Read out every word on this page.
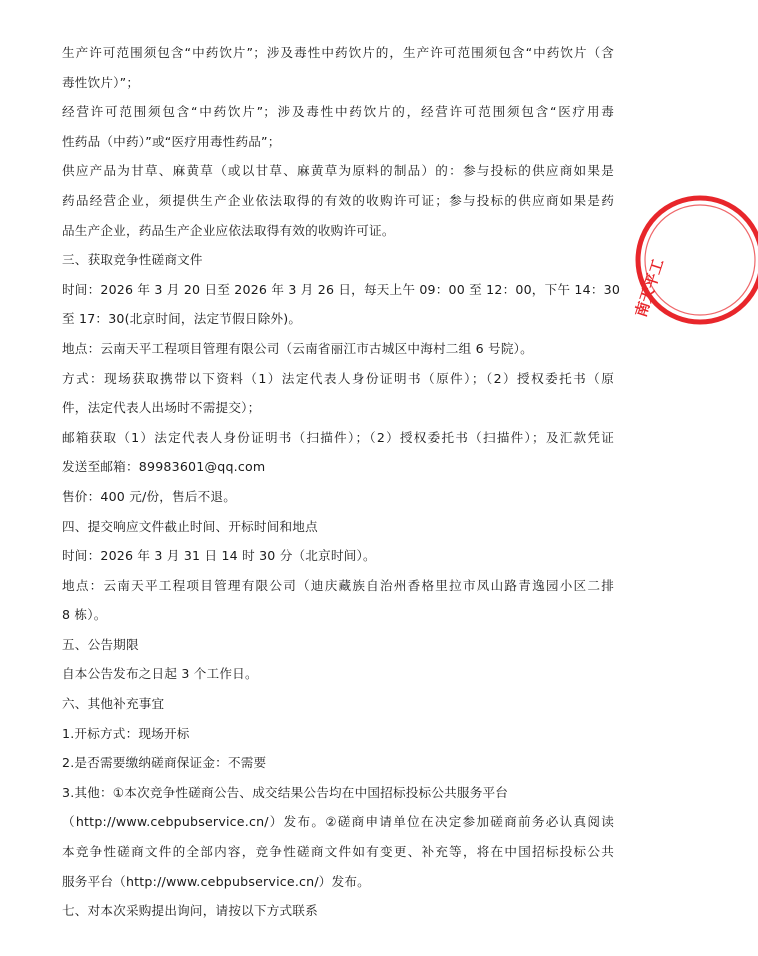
生产许可范围须包含“中药饮片”；涉及毒性中药饮片的，生产许可范围须包含“中药饮片（含

毒性饮片）”；

经营许可范围须包含“中药饮片”；涉及毒性中药饮片的，经营许可范围须包含“医疗用毒

性药品（中药）”或“医疗用毒性药品”；

供应产品为甘草、麻黄草（或以甘草、麻黄草为原料的制品）的：参与投标的供应商如果是

药品经营企业，须提供生产企业依法取得的有效的收购许可证；参与投标的供应商如果是药

品生产企业，药品生产企业应依法取得有效的收购许可证。

三、获取竞争性磋商文件

时间：2026 年 3 月 20 日至 2026 年 3 月 26 日，每天上午 09：00 至 12：00，下午 14：30

至 17：30(北京时间，法定节假日除外)。

地点：云南天平工程项目管理有限公司（云南省丽江市古城区中海村二组 6 号院）。

方式：现场获取携带以下资料（1）法定代表人身份证明书（原件）；（2）授权委托书（原

件，法定代表人出场时不需提交）；

邮箱获取（1）法定代表人身份证明书（扫描件）；（2）授权委托书（扫描件）；及汇款凭证

发送至邮箱：89983601@qq.com

售价：400 元/份，售后不退。

四、提交响应文件截止时间、开标时间和地点

时间：2026 年 3 月 31 日 14 时 30 分（北京时间）。

地点：云南天平工程项目管理有限公司（迪庆藏族自治州香格里拉市凤山路青逸园小区二排

8 栋）。

五、公告期限

自本公告发布之日起 3 个工作日。

六、其他补充事宜

1.开标方式：现场开标

2.是否需要缴纳磋商保证金：不需要

3.其他：①本次竞争性磋商公告、成交结果公告均在中国招标投标公共服务平台

（http://www.cebpubservice.cn/）发布。②磋商申请单位在决定参加磋商前务必认真阅读

本竞争性磋商文件的全部内容，竞争性磋商文件如有变更、补充等，将在中国招标投标公共

服务平台（http://www.cebpubservice.cn/）发布。

七、对本次采购提出询问，请按以下方式联系

南天平工
